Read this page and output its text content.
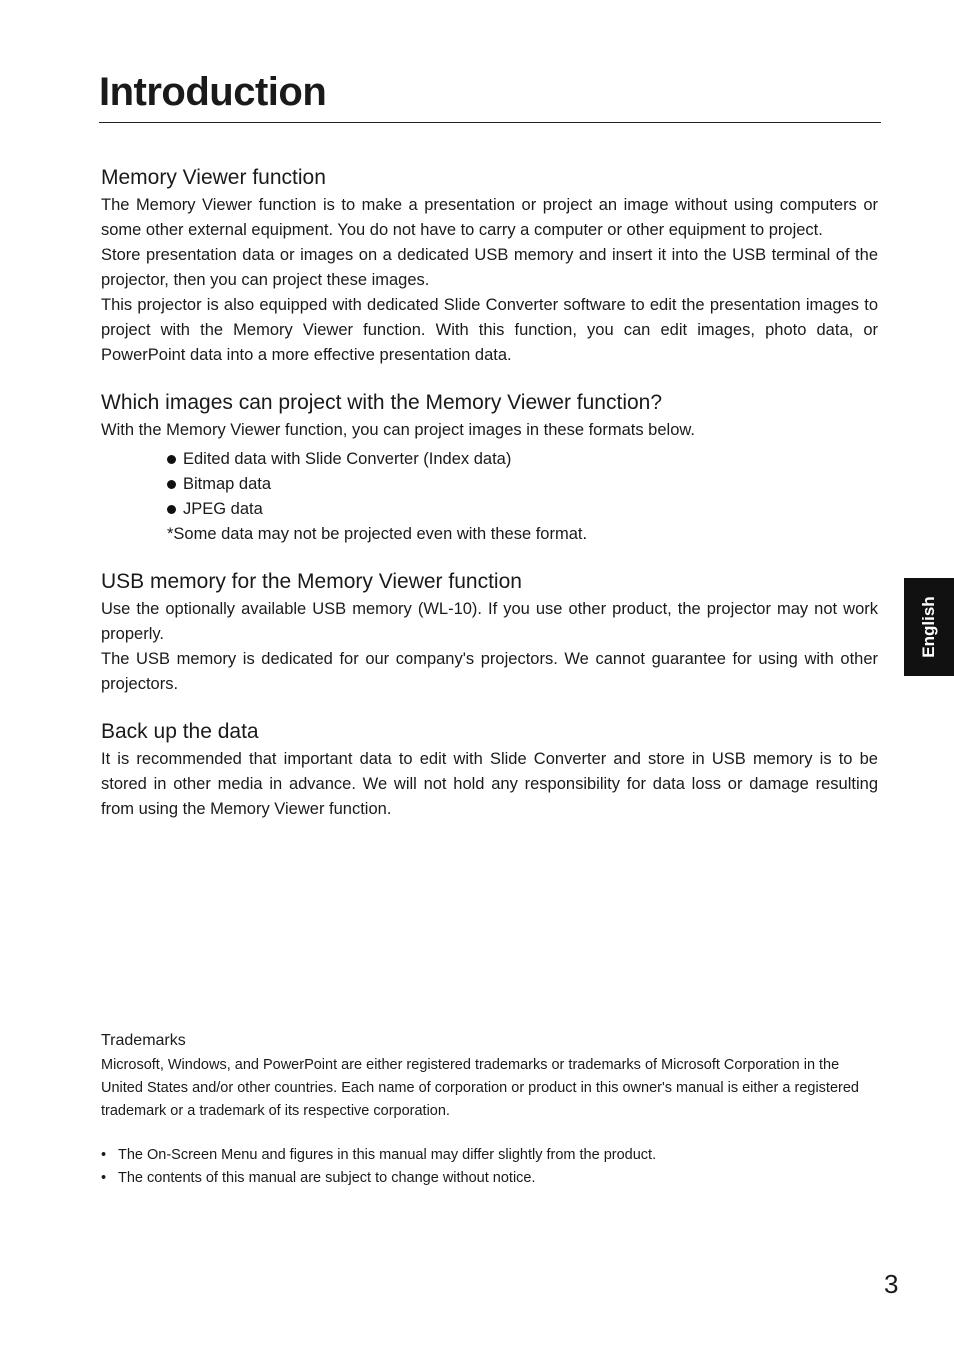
Introduction
Memory Viewer function

The Memory Viewer function is to make a presentation or project an image without using computers or some other external equipment. You do not have to carry a computer or other equipment to project.

Store presentation data or images on a dedicated USB memory and insert it into the USB terminal of the projector, then you can project these images.

This projector is also equipped with dedicated Slide Converter software to edit the presentation images to project with the Memory Viewer function. With this function, you can edit images, photo data, or PowerPoint data into a more effective presentation data.

Which images can project with the Memory Viewer function?

With the Memory Viewer function, you can project images in these formats below.

Edited data with Slide Converter (Index data)
Bitmap data
JPEG data

*Some data may not be projected even with these format.

USB memory for the Memory Viewer function

Use the optionally available USB memory (WL-10). If you use other product, the projector may not work properly.

The USB memory is dedicated for our company's projectors. We cannot guarantee for using with other projectors.

Back up the data

It is recommended that important data to edit with Slide Converter and store in USB memory is to be stored in other media in advance. We will not hold any responsibility for data loss or damage resulting from using the Memory Viewer function.

English
Trademarks

Microsoft, Windows, and PowerPoint are either registered trademarks or trademarks of Microsoft Corporation in the United States and/or other countries. Each name of corporation or product in this owner's manual is either a registered trademark or a trademark of its respective corporation.

• The On-Screen Menu and figures in this manual may differ slightly from the product.
• The contents of this manual are subject to change without notice.
3
